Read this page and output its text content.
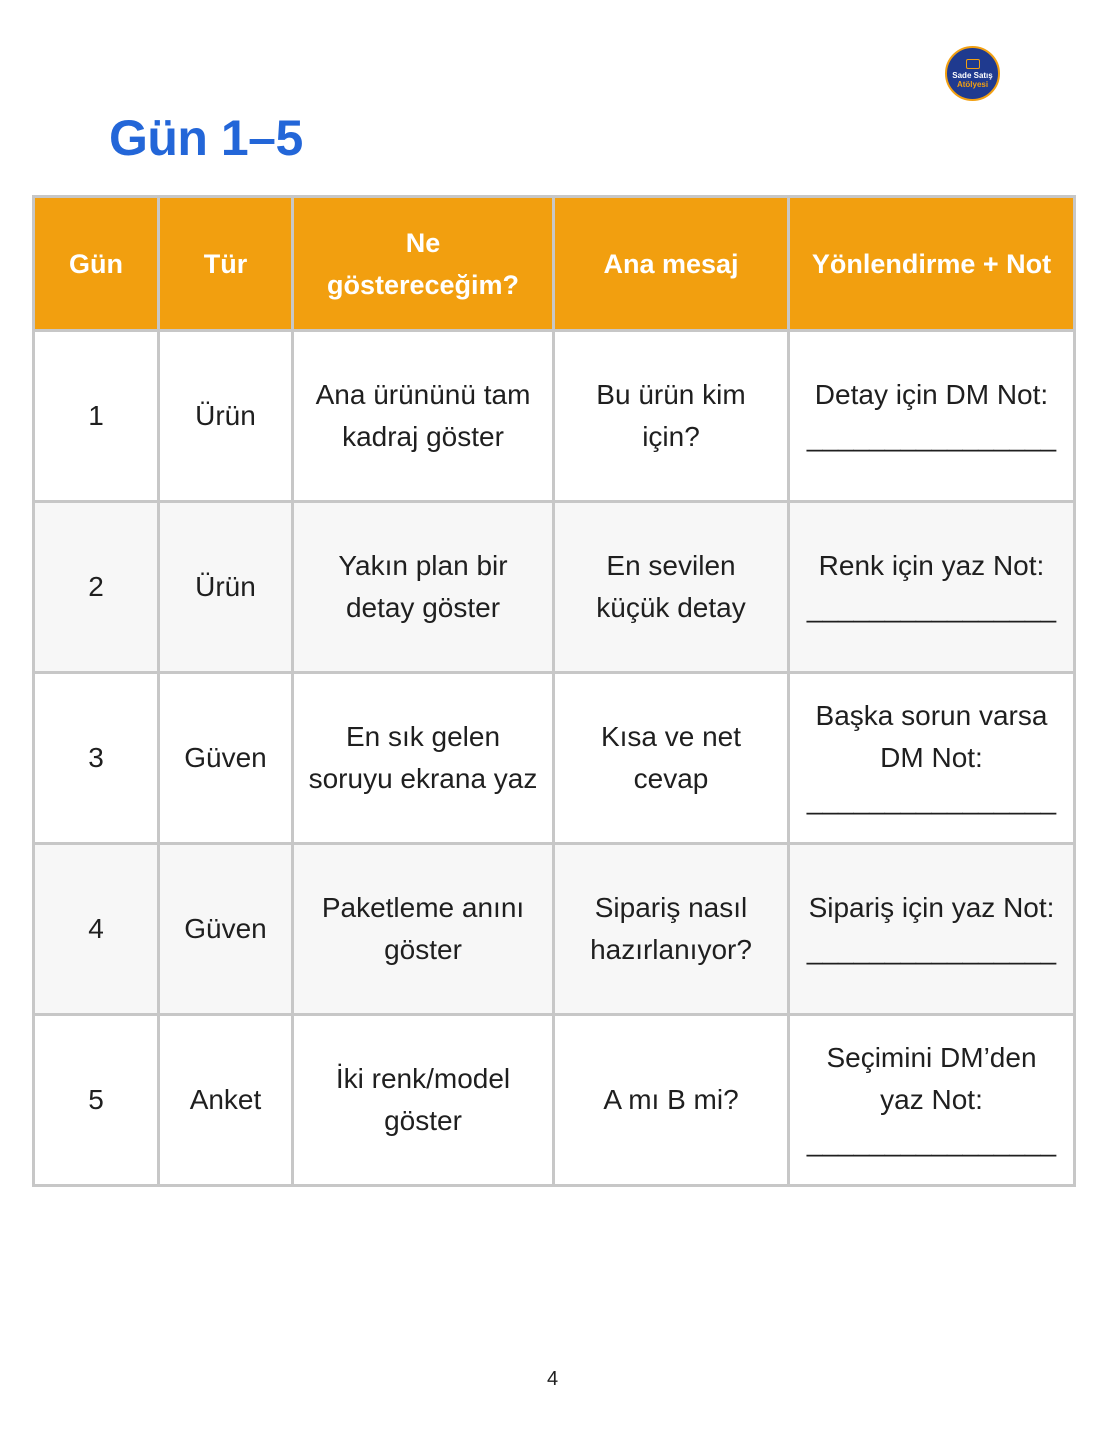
Sade Satış
Atölyesi
Gün 1–5
Gün	Tür	Ne göstereceğim?	Ana mesaj	Yönlendirme + Not
1	Ürün	Ana ürününü tam kadraj göster	Bu ürün kim için?	Detay için DM Not:
________________

2	Ürün	Yakın plan bir detay göster	En sevilen küçük detay	Renk için yaz Not:
________________

3	Güven	En sık gelen soruyu ekrana yaz	Kısa ve net cevap	Başka sorun varsa DM Not:
________________

4	Güven	Paketleme anını göster	Sipariş nasıl hazırlanıyor?	Sipariş için yaz Not:
________________

5	Anket	İki renk/model göster	A mı B mi?	Seçimini DM’den yaz Not:
________________
4
